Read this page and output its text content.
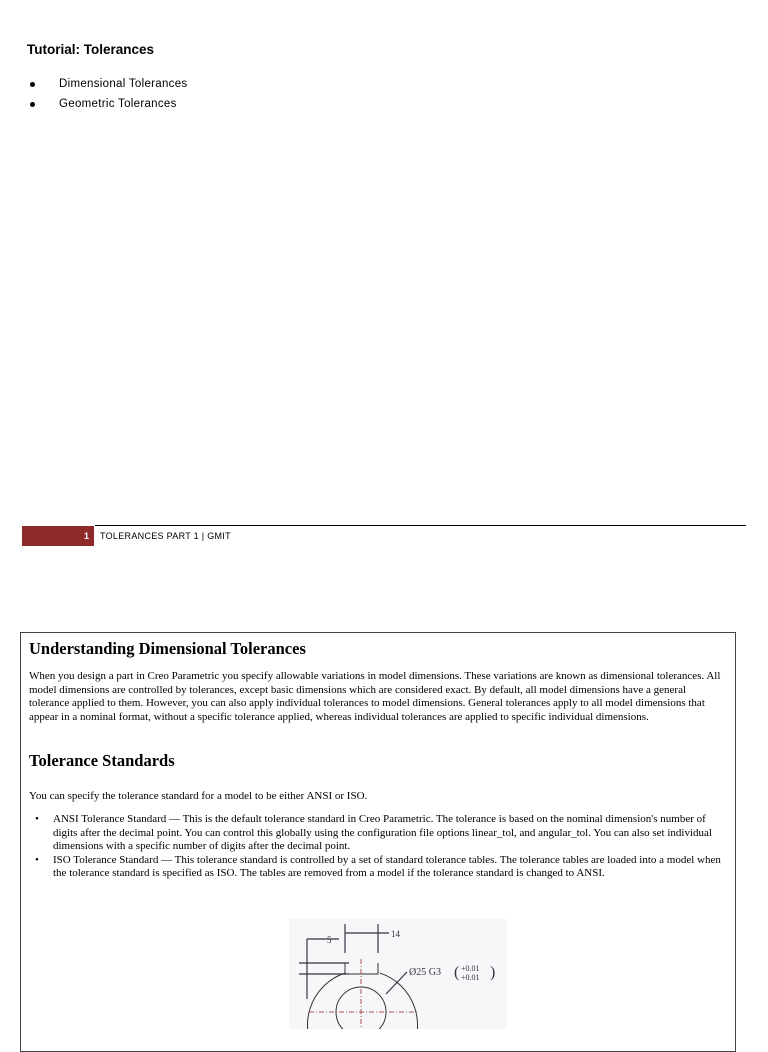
Tutorial: Tolerances
Dimensional Tolerances
Geometric Tolerances
1	TOLERANCES PART 1 | GMIT
Understanding Dimensional Tolerances
When you design a part in Creo Parametric you specify allowable variations in model dimensions. These variations are known as dimensional tolerances. All model dimensions are controlled by tolerances, except basic dimensions which are considered exact. By default, all model dimensions have a general tolerance applied to them. However, you can also apply individual tolerances to model dimensions. General tolerances apply to all model dimensions that appear in a nominal format, without a specific tolerance applied, whereas individual tolerances are applied to specific individual dimensions.
Tolerance Standards
You can specify the tolerance standard for a model to be either ANSI or ISO.
• ANSI Tolerance Standard — This is the default tolerance standard in Creo Parametric. The tolerance is based on the nominal dimension's number of digits after the decimal point. You can control this globally using the configuration file options linear_tol, and angular_tol. You can also set individual dimensions with a specific number of digits after the decimal point.
• ISO Tolerance Standard — This tolerance standard is controlled by a set of standard tolerance tables. The tolerance tables are loaded into a model when the tolerance standard is specified as ISO. The tables are removed from a model if the tolerance standard is changed to ANSI.
5
14
Ø25 G3 ( +0.01
+0.01 )
